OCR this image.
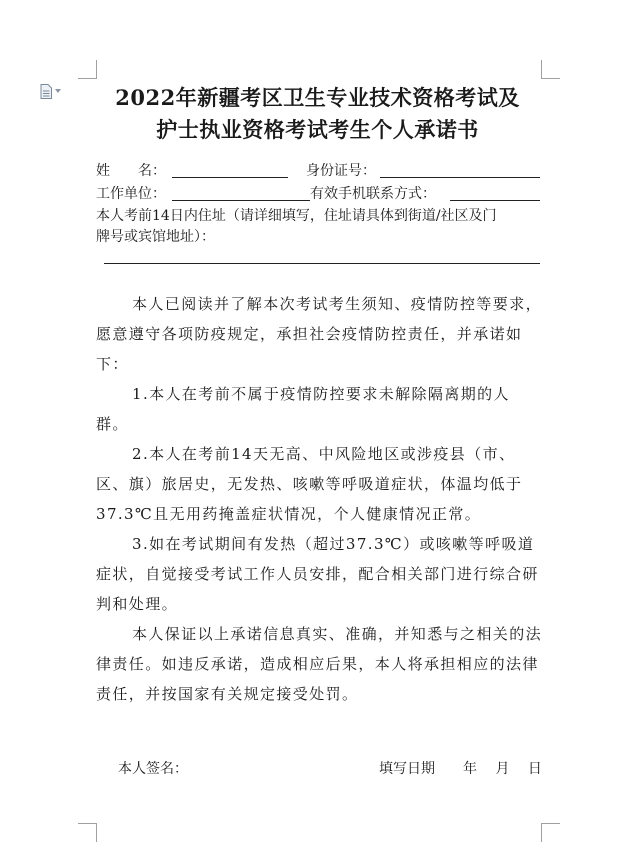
2022年新疆考区卫生专业技术资格考试及
护士执业资格考试考生个人承诺书
姓　　名：	身份证号：
工作单位：	有效手机联系方式：
本人考前14日内住址（请详细填写，住址请具体到街道/社区及门
牌号或宾馆地址）：

本人已阅读并了解本次考试考生须知、疫情防控等要求，愿意遵守各项防疫规定，承担社会疫情防控责任，并承诺如下：

1.本人在考前不属于疫情防控要求未解除隔离期的人群。

2.本人在考前14天无高、中风险地区或涉疫县（市、区、旗）旅居史，无发热、咳嗽等呼吸道症状，体温均低于37.3℃且无用药掩盖症状情况，个人健康情况正常。

3.如在考试期间有发热（超过37.3℃）或咳嗽等呼吸道症状，自觉接受考试工作人员安排，配合相关部门进行综合研判和处理。

本人保证以上承诺信息真实、准确，并知悉与之相关的法律责任。如违反承诺，造成相应后果，本人将承担相应的法律责任，并按国家有关规定接受处罚。

本人签名：	填写日期　　年　 月　 日
